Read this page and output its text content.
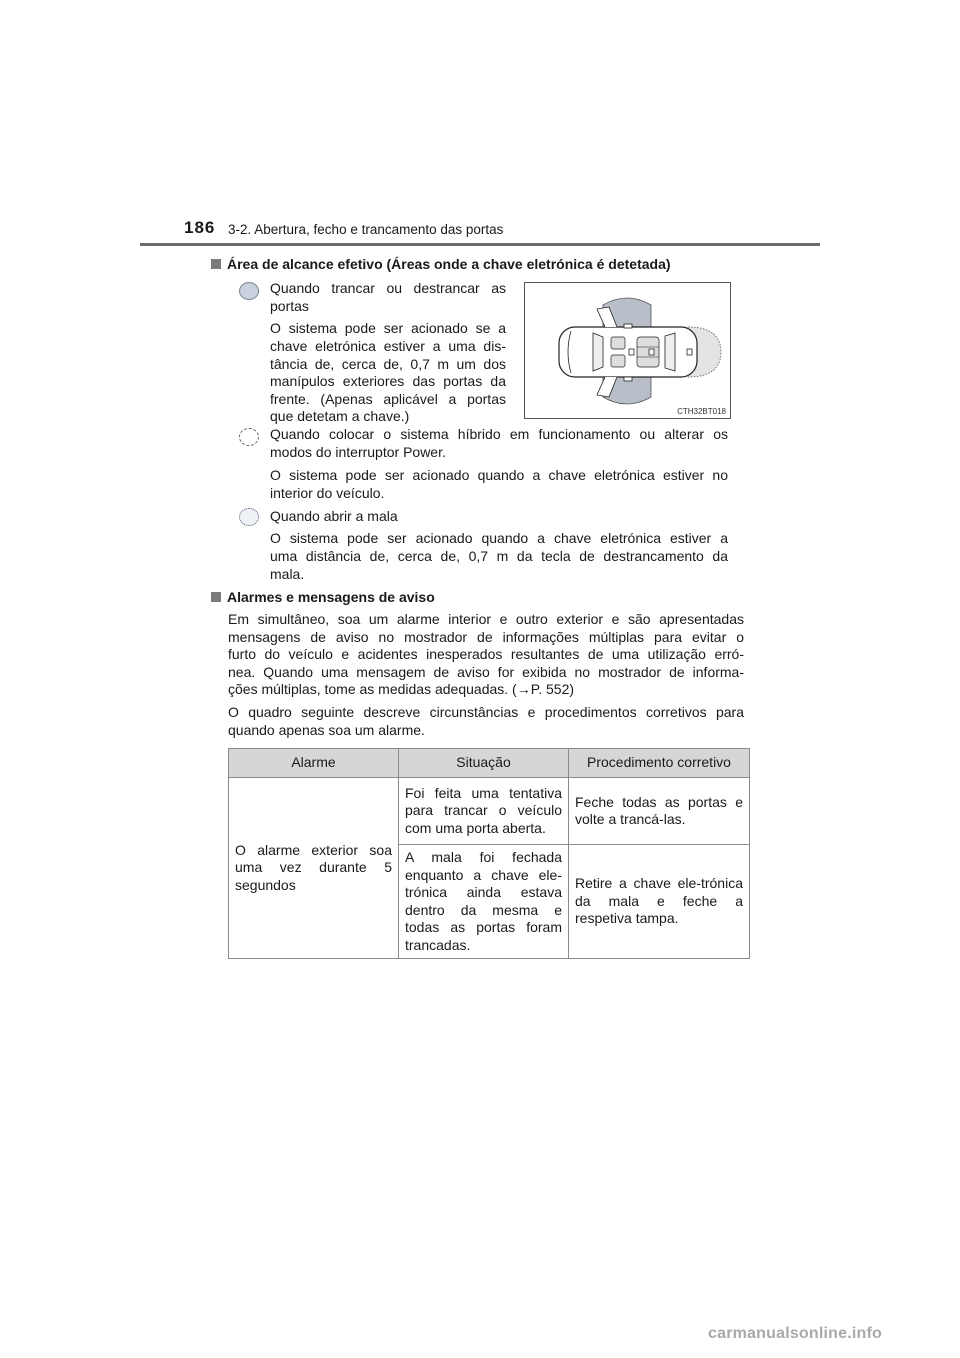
186 3-2. Abertura, fecho e trancamento das portas
Área de alcance efetivo (Áreas onde a chave eletrónica é detetada)
Quando trancar ou destrancar as
portas
O sistema pode ser acionado se a
chave eletrónica estiver a uma dis-
tância de, cerca de, 0,7 m um dos
manípulos exteriores das portas da
frente. (Apenas aplicável a portas
que detetam a chave.)	CTH32BT018
Quando colocar o sistema híbrido em funcionamento ou alterar os
modos do interruptor Power.
O sistema pode ser acionado quando a chave eletrónica estiver no
interior do veículo.
Quando abrir a mala
O sistema pode ser acionado quando a chave eletrónica estiver a
uma distância de, cerca de, 0,7 m da tecla de destrancamento da
mala.
Alarmes e mensagens de aviso
Em simultâneo, soa um alarme interior e outro exterior e são apresentadas
mensagens de aviso no mostrador de informações múltiplas para evitar o
furto do veículo e acidentes inesperados resultantes de uma utilização erró-
nea. Quando uma mensagem de aviso for exibida no mostrador de informa-
ções múltiplas, tome as medidas adequadas. (→P. 552)
O quadro seguinte descreve circunstâncias e procedimentos corretivos para
quando apenas soa um alarme.
Alarme	Situação	Procedimento corretivo
O alarme exterior soa uma vez durante 5 segundos	Foi feita uma tentativa para trancar o veículo com uma porta aberta.	Feche todas as portas e volte a trancá-las.
	A mala foi fechada enquanto a chave ele-trónica ainda estava dentro da mesma e todas as portas foram trancadas.	Retire a chave ele-trónica da mala e feche a respetiva tampa.
carmanualsonline.info
